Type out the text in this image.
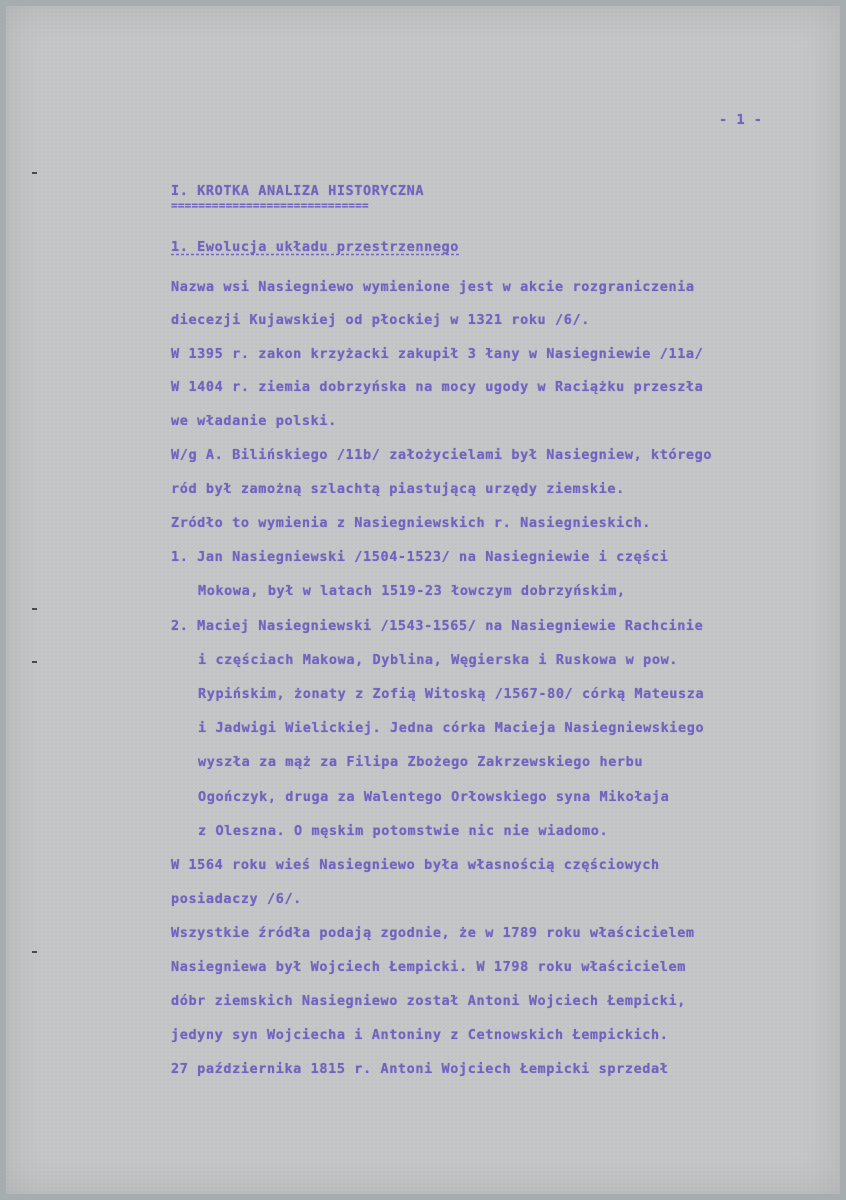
- 1 -
I. KROTKA ANALIZA HISTORYCZNA
=============================
1. Ewolucja układu przestrzennego
Nazwa wsi Nasiegniewo wymienione jest w akcie rozgraniczenia
diecezji Kujawskiej od płockiej w 1321 roku /6/.
W 1395 r. zakon krzyżacki zakupił 3 łany w Nasiegniewie /11a/
W 1404 r. ziemia dobrzyńska na mocy ugody w Raciążku przeszła
we władanie polski.
W/g A. Bilińskiego /11b/ założycielami był Nasiegniew, którego
ród był zamożną szlachtą piastującą urzędy ziemskie.
Zródło to wymienia z Nasiegniewskich r. Nasiegnieskich.
1. Jan Nasiegniewski /1504-1523/ na Nasiegniewie i części
Mokowa, był w latach 1519-23 łowczym dobrzyńskim,
2. Maciej Nasiegniewski /1543-1565/ na Nasiegniewie Rachcinie
i częściach Makowa, Dyblina, Węgierska i Ruskowa w pow.
Rypińskim, żonaty z Zofią Witoską /1567-80/ córką Mateusza
i Jadwigi Wielickiej. Jedna córka Macieja Nasiegniewskiego
wyszła za mąż za Filipa Zbożego Zakrzewskiego herbu
Ogończyk, druga za Walentego Orłowskiego syna Mikołaja
z Olesznа. O męskim potomstwie nic nie wiadomo.
W 1564 roku wieś Nasiegniewo była własnością częściowych
posiadaczy /6/.
Wszystkie źródła podają zgodnie, że w 1789 roku właścicielem
Nasiegniewa był Wojciech Łempicki. W 1798 roku właścicielem
dóbr ziemskich Nasiegniewo został Antoni Wojciech Łempicki,
jedyny syn Wojciecha i Antoniny z Cetnowskich Łempickich.
27 października 1815 r. Antoni Wojciech Łempicki sprzedał
